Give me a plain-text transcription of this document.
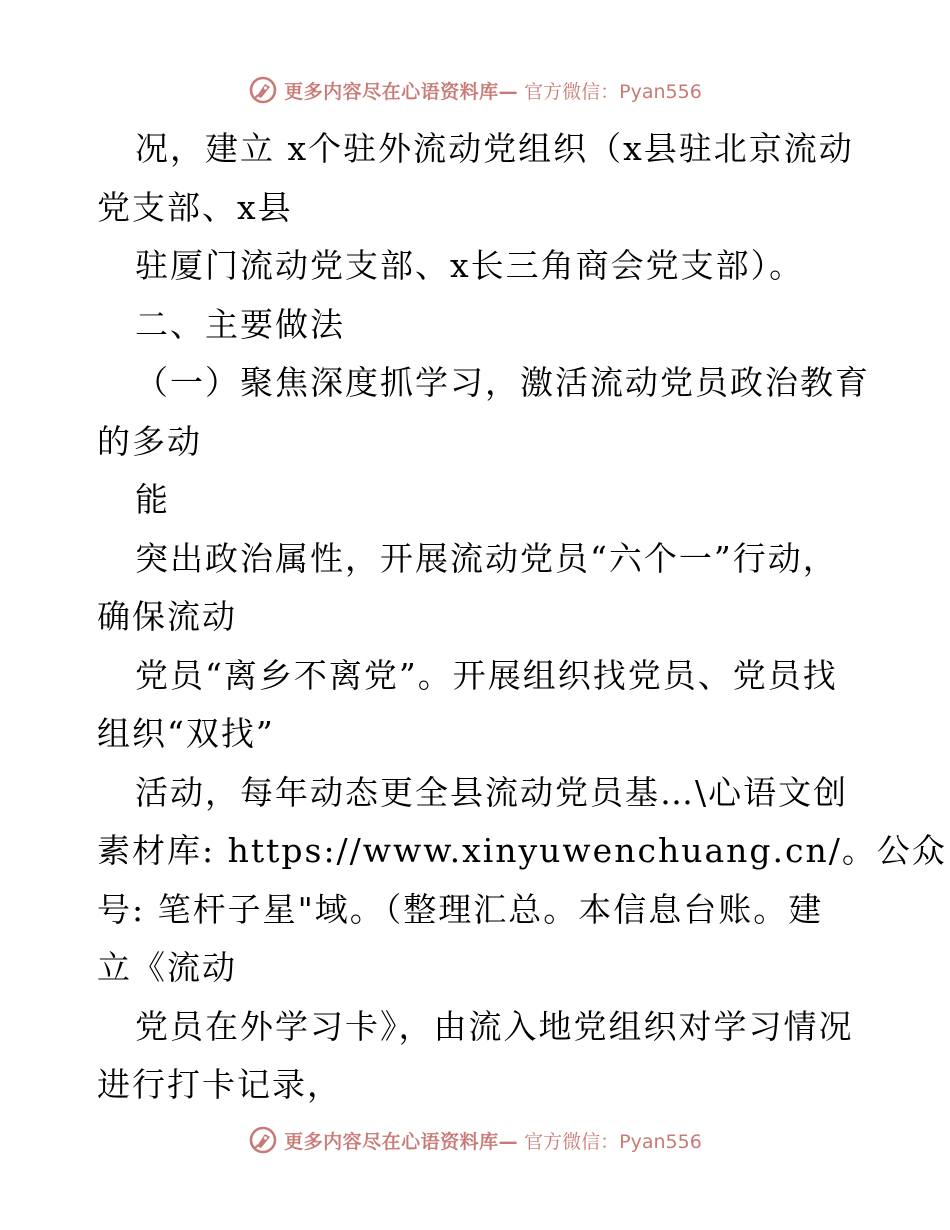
更多内容尽在心语资料库— 官方微信：Pyan556
况，建立 x个驻外流动党组织（x县驻北京流动
党支部、x县
驻厦门流动党支部、x长三角商会党支部）。
二、主要做法
（一）聚焦深度抓学习，激活流动党员政治教育
的多动
能
突出政治属性，开展流动党员“六个一”行动，
确保流动
党员“离乡不离党”。开展组织找党员、党员找
组织“双找”
活动，每年动态更全县流动党员基…\心语文创
素材库: https://www.xinyuwenchuang.cn/。公众
号: 笔杆子星"域。（整理汇总。本信息台账。建
立《流动
党员在外学习卡》，由流入地党组织对学习情况
进行打卡记录，
更多内容尽在心语资料库— 官方微信：Pyan556
